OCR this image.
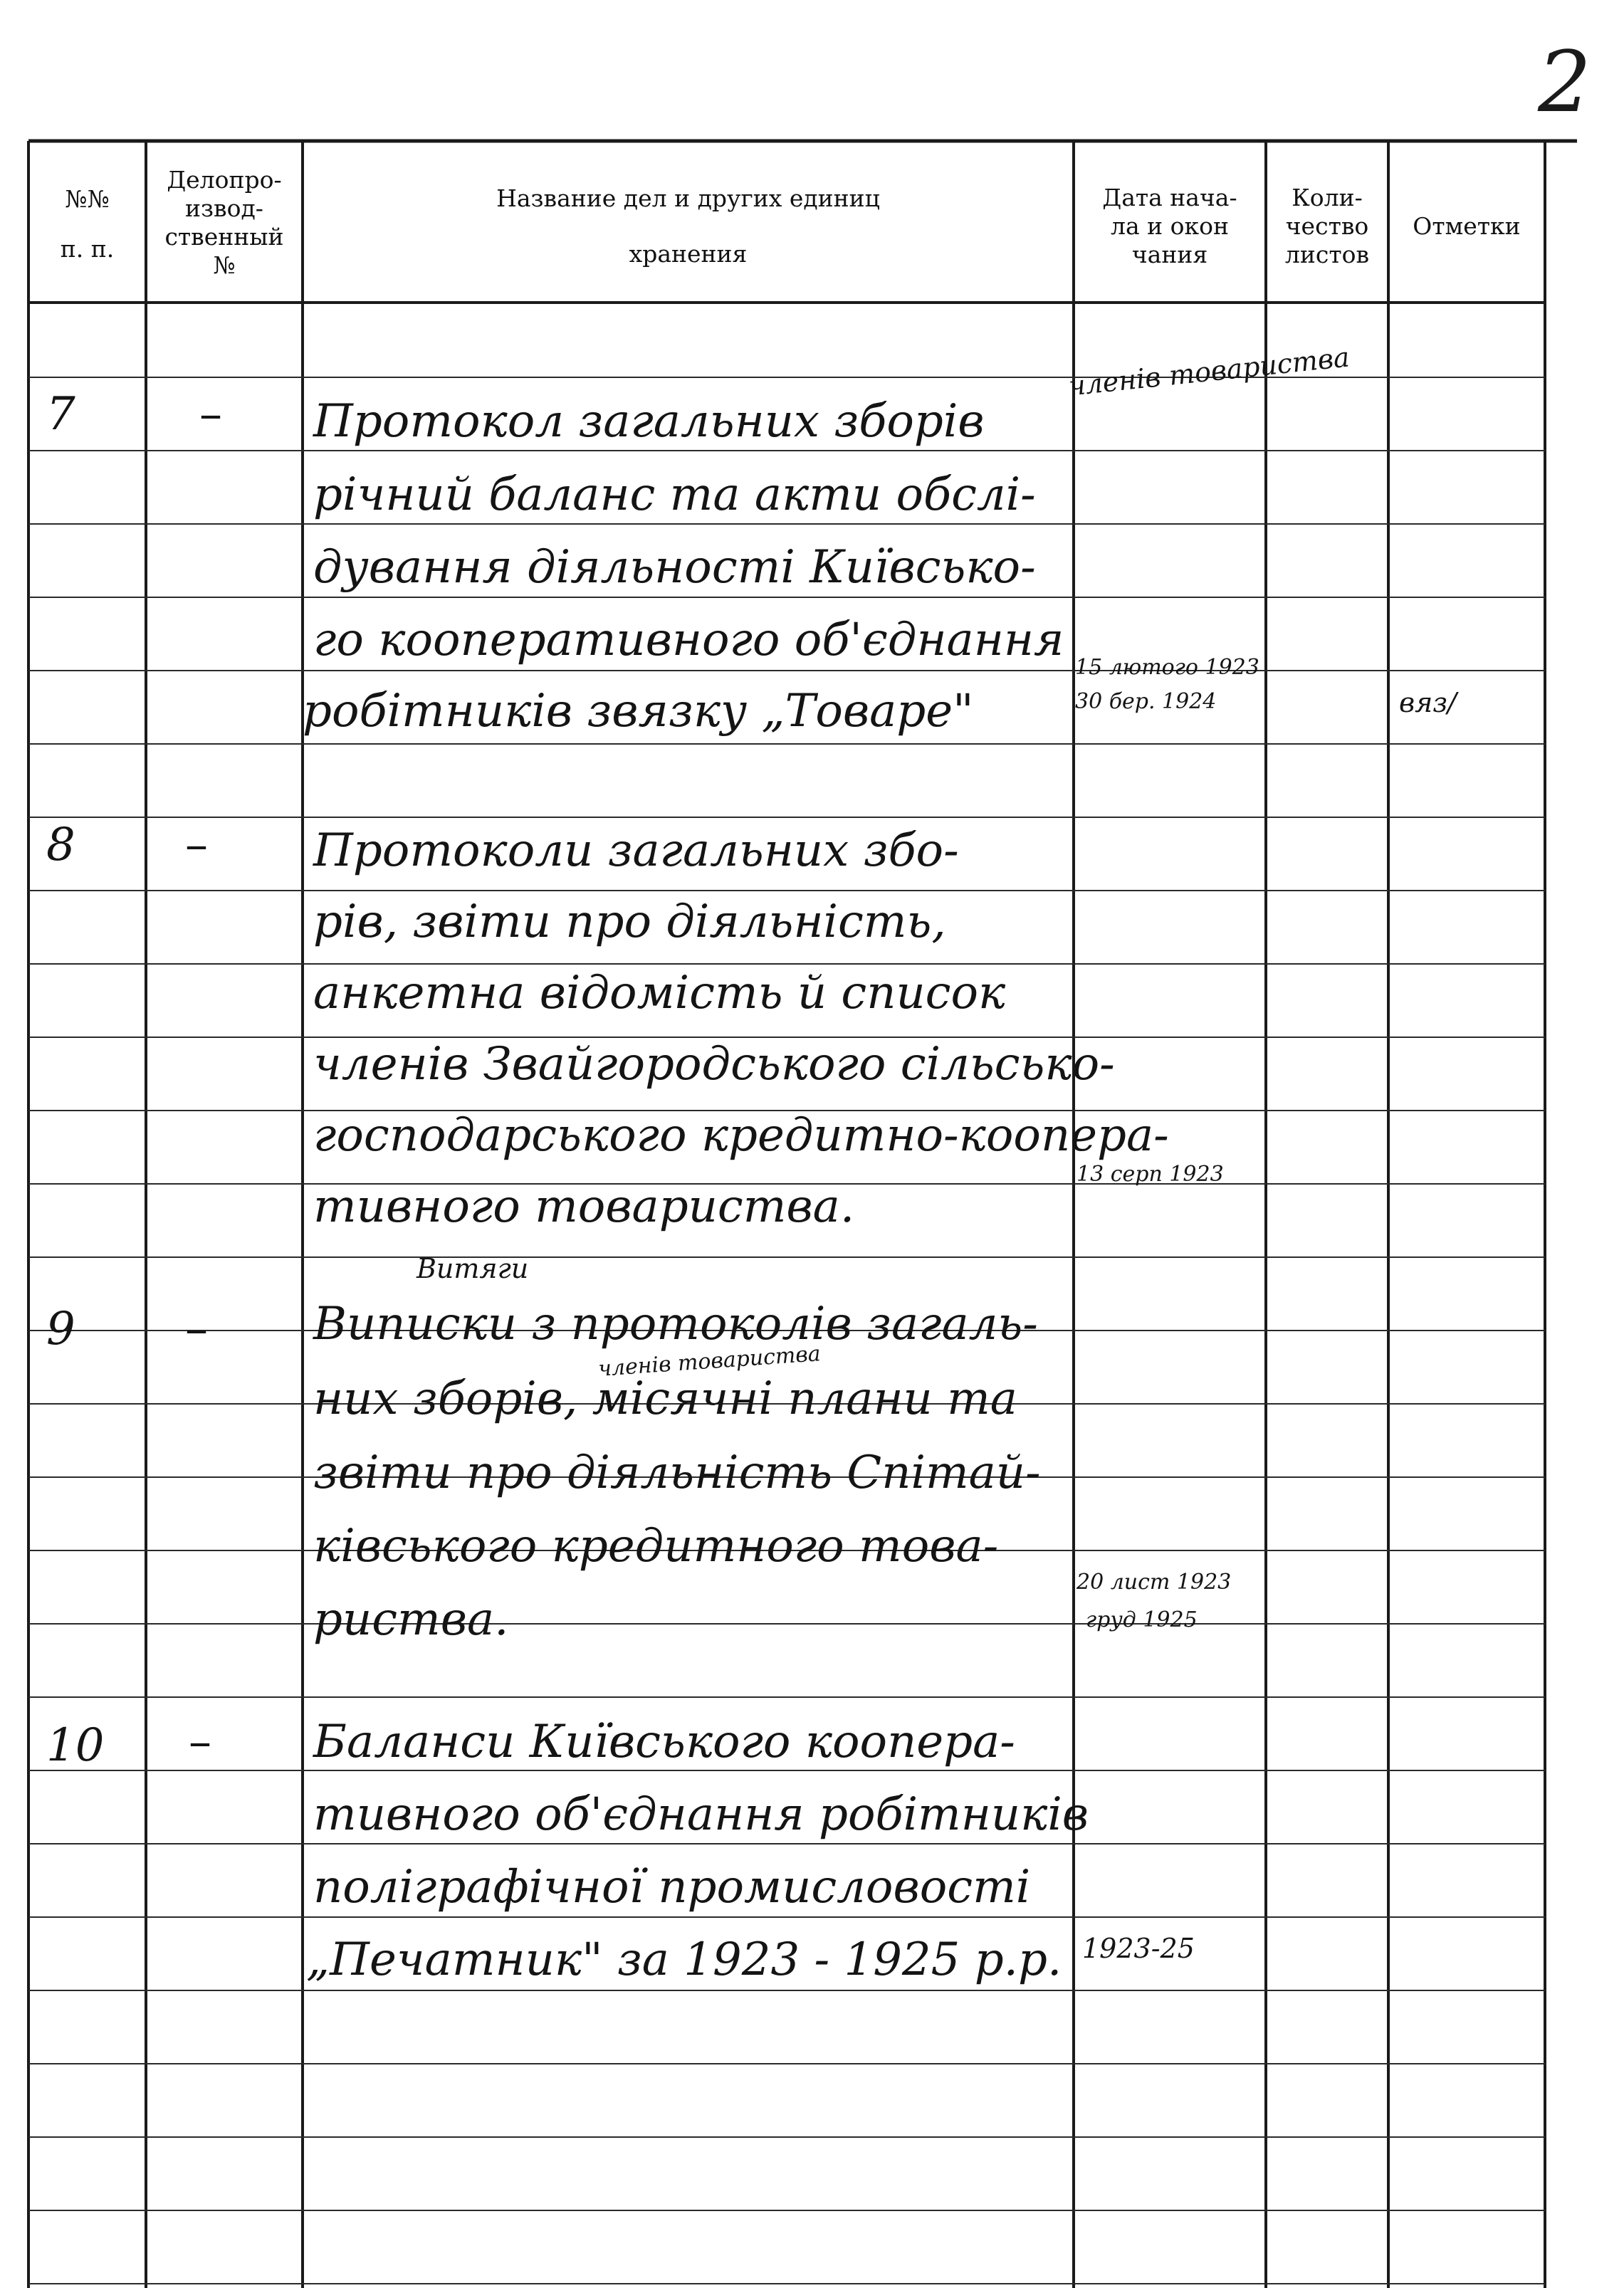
2
№№
п. п.
Делопро-
извод-
ственный
№
Название дел и других единиц
хранения
Дата нача-
ла и окон
чания
Коли-
чество
листов
Отметки
7	– Протокол загальних зборів
членів товариства
річний баланс та акти обслі-
дування діяльності Київсько-
го кооперативного об'єднання
робітників звязку „Товаре"
15 лютого 1923
30 бер. 1924	вяз/
8 – Протоколи загальних збо-
рів, звіти про діяльність,
анкетна відомість й список
членів Звайгородського сільсько-
господарського кредитно-коопера-
тивного товариства.
13 серп 1923
Витяги
9 – Виписки з протоколів загаль-
членів товариства
них зборів, місячні плани та
звіти про діяльність Спітай-
ківського кредитного това-
риства.
20 лист 1923
груд 1925
10 – Баланси Київського коопера-
тивного об'єднання робітників
поліграфічної промисловості
„Печатник" за 1923 - 1925 р.р. 1923-25
